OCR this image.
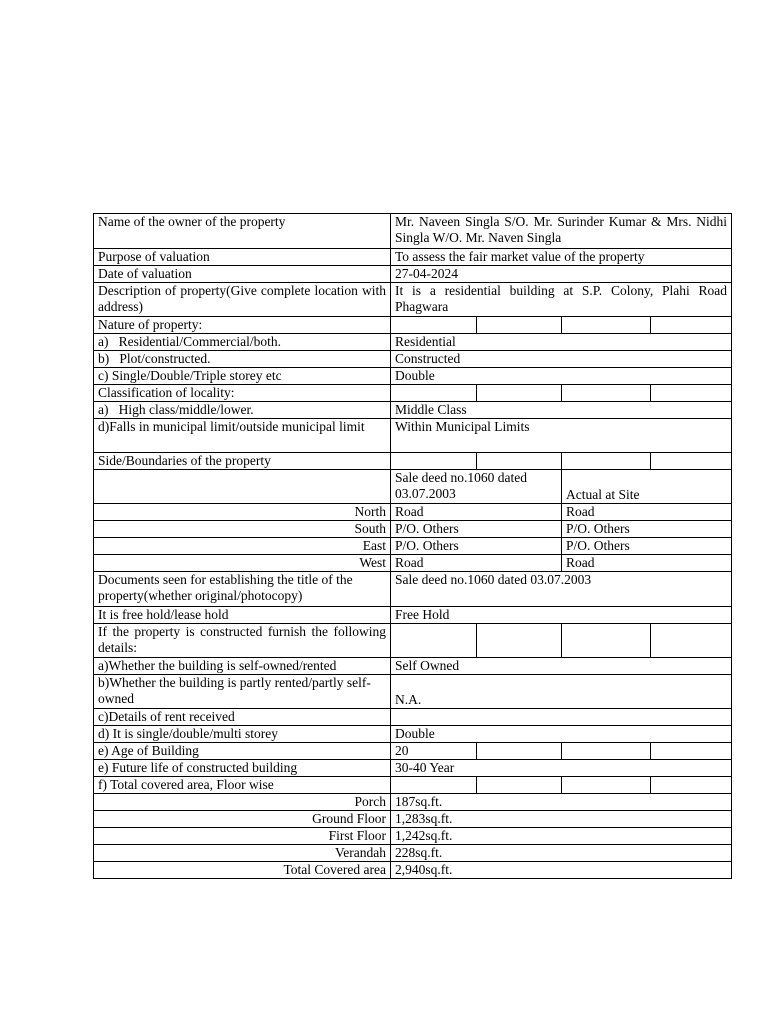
Name of the owner of the property	Mr. Naveen Singla S/O. Mr. Surinder Kumar & Mrs. Nidhi Singla W/O. Mr. Naven Singla			
Purpose of valuation	To assess the fair market value of the property			
Date of valuation	27-04-2024			
Description of property(Give complete location with address)	It is a residential building at S.P. Colony, Plahi Road Phagwara			
Nature of property:				
a)   Residential/Commercial/both.	Residential			
b)   Plot/constructed.	Constructed			
c) Single/Double/Triple storey etc	Double			
Classification of locality:				
a)   High class/middle/lower.	Middle Class			
d)Falls in municipal limit/outside municipal limit	Within Municipal Limits			
Side/Boundaries of the property				
	Sale deed no.1060 dated 03.07.2003		Actual at Site	
North	Road		Road	
South	P/O. Others		P/O. Others	
East	P/O. Others		P/O. Others	
West	Road		Road	
Documents seen for establishing the title of the property(whether original/photocopy)	Sale deed no.1060 dated 03.07.2003			
It is free hold/lease hold	Free Hold			
If the property is constructed furnish the following details:				
a)Whether the building is self-owned/rented	Self Owned			
b)Whether the building is partly rented/partly self-owned	N.A.			
c)Details of rent received				
d) It is single/double/multi storey	Double			
e) Age of Building	20			
e) Future life of constructed building	30-40 Year			
f) Total covered area, Floor wise				
Porch	187sq.ft.			
Ground Floor	1,283sq.ft.			
First Floor	1,242sq.ft.			
Verandah	228sq.ft.			
Total Covered area	2,940sq.ft.			
